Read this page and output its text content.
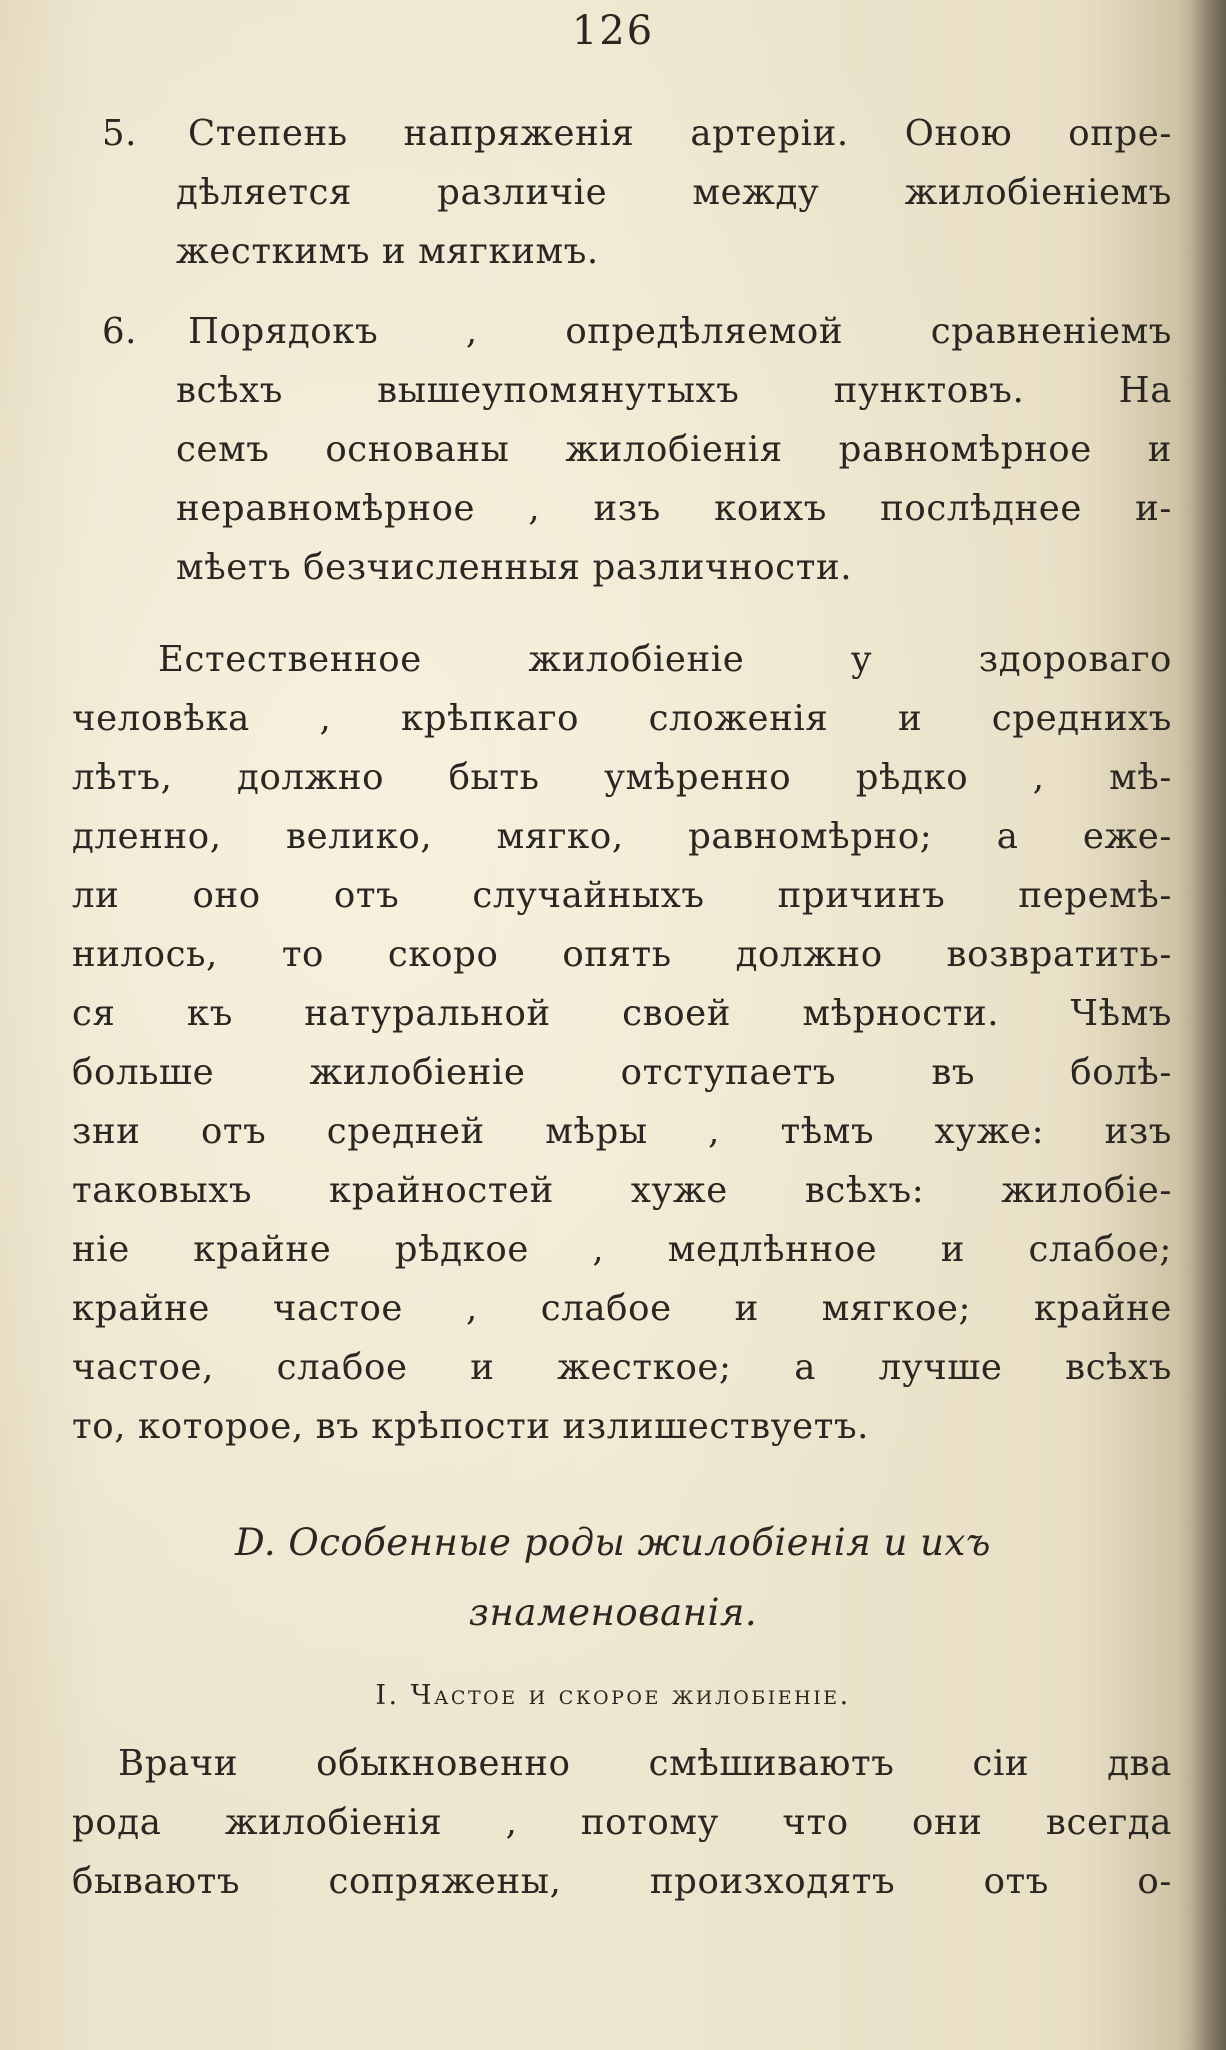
126
5. Степень напряженія артеріи. Оною опре-
дѣляется различіе между жилобіеніемъ
жесткимъ и мягкимъ.
6. Порядокъ , опредѣляемой сравненіемъ
всѣхъ вышеупомянутыхъ пунктовъ. На
семъ основаны жилобіенія равномѣрное и
неравномѣрное , изъ коихъ послѣднее и-
мѣетъ безчисленныя различности.
Естественное жилобіеніе у здороваго
человѣка , крѣпкаго сложенія и среднихъ
лѣтъ, должно быть умѣренно рѣдко , мѣ-
дленно, велико, мягко, равномѣрно; а еже-
ли оно отъ случайныхъ причинъ перемѣ-
нилось, то скоро опять должно возвратить-
ся къ натуральной своей мѣрности. Чѣмъ
больше жилобіеніе отступаетъ въ болѣ-
зни отъ средней мѣры , тѣмъ хуже: изъ
таковыхъ крайностей хуже всѣхъ: жилобіе-
ніе крайне рѣдкое , медлѣнное и слабое;
крайне частое , слабое и мягкое; крайне
частое, слабое и жесткое; а лучше всѣхъ
то, которое, въ крѣпости излишествуетъ.
D. Особенные роды жилобіенія и ихъ
знаменованія.
I. Частое и скорое жилобіеніе.
Врачи обыкновенно смѣшиваютъ сіи два
рода жилобіенія , потому что они всегда
бываютъ сопряжены, произходятъ отъ о-
